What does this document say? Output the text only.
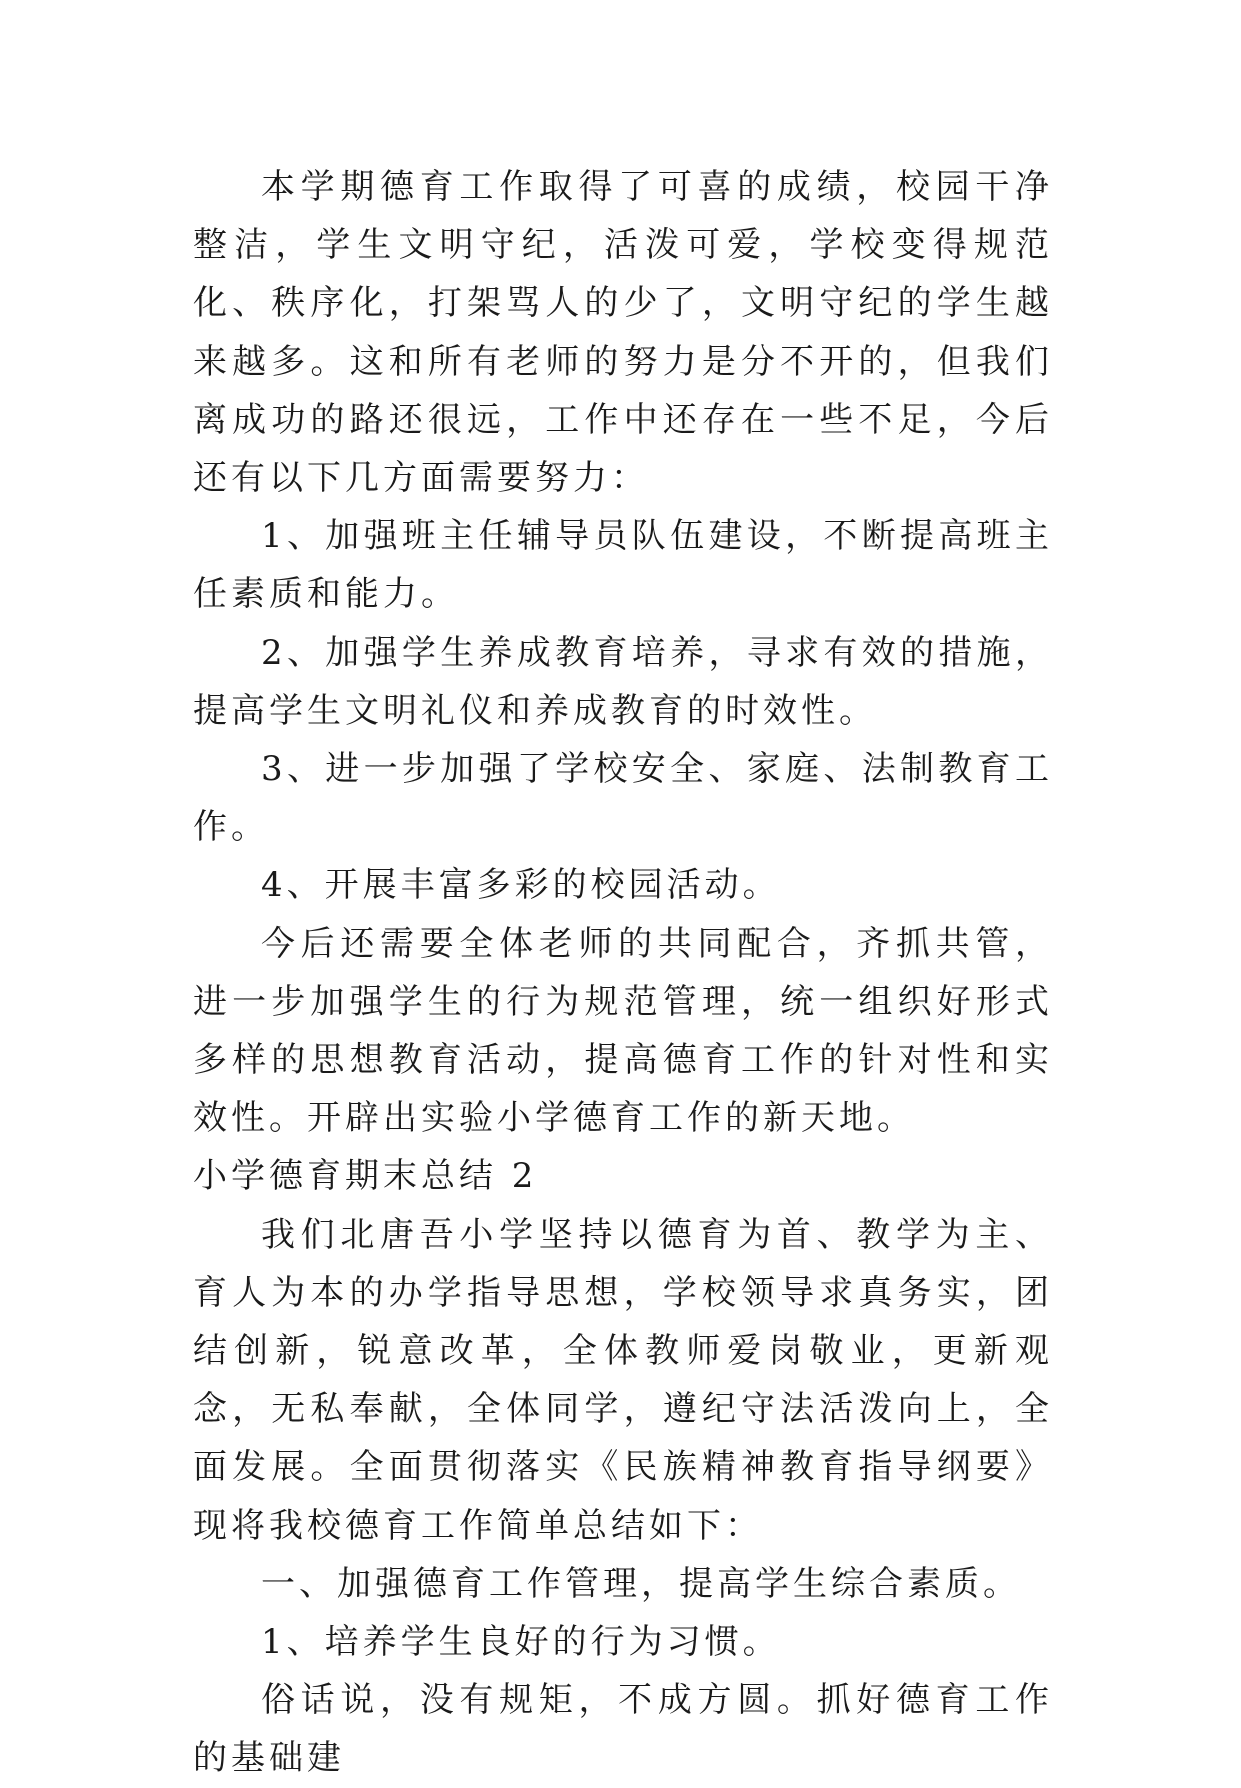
本学期德育工作取得了可喜的成绩，校园干净整洁，学生文明守纪，活泼可爱，学校变得规范化、秩序化，打架骂人的少了，文明守纪的学生越来越多。这和所有老师的努力是分不开的，但我们离成功的路还很远，工作中还存在一些不足，今后还有以下几方面需要努力：

1、加强班主任辅导员队伍建设，不断提高班主任素质和能力。

2、加强学生养成教育培养，寻求有效的措施，提高学生文明礼仪和养成教育的时效性。

3、进一步加强了学校安全、家庭、法制教育工作。

4、开展丰富多彩的校园活动。

今后还需要全体老师的共同配合，齐抓共管，进一步加强学生的行为规范管理，统一组织好形式多样的思想教育活动，提高德育工作的针对性和实效性。开辟出实验小学德育工作的新天地。

小学德育期末总结 2

我们北唐吾小学坚持以德育为首、教学为主、育人为本的办学指导思想，学校领导求真务实，团结创新，锐意改革，全体教师爱岗敬业，更新观念，无私奉献，全体同学，遵纪守法活泼向上，全面发展。全面贯彻落实《民族精神教育指导纲要》现将我校德育工作简单总结如下：

一、加强德育工作管理，提高学生综合素质。

1、培养学生良好的行为习惯。

俗话说，没有规矩，不成方圆。抓好德育工作的基础建
